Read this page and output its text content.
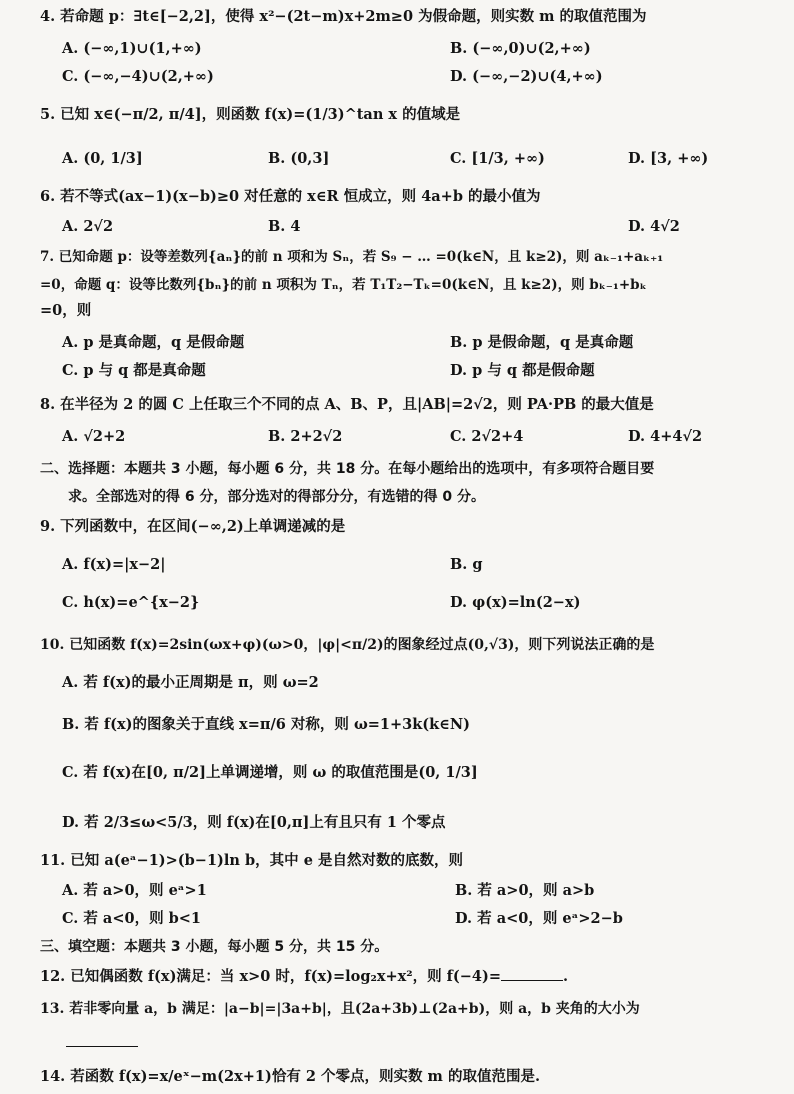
4. 若命题 p：∃t∈[−2,2]，使得 x²−(2t−m)x+2m≥0 为假命题，则实数 m 的取值范围为
A. (−∞,1)∪(1,+∞)	B. (−∞,0)∪(2,+∞)
C. (−∞,−4)∪(2,+∞)	D. (−∞,−2)∪(4,+∞)
5. 已知 x∈(−π/2, π/4]，则函数 f(x)=(1/3)^tan x 的值域是
A. (0, 1/3]	B. (0,3]	C. [1/3, +∞)	D. [3, +∞)
6. 若不等式(ax−1)(x−b)≥0 对任意的 x∈R 恒成立，则 4a+b 的最小值为
A. 2√2	B. 4	D. 4√2
7. 已知命题 p：设等差数列{aₙ}的前 n 项和为 Sₙ，若 S₉ − … =0(k∈N，且 k≥2)，则 aₖ₋₁+aₖ₊₁
=0，命题 q：设等比数列{bₙ}的前 n 项积为 Tₙ，若 T₁T₂−Tₖ=0(k∈N，且 k≥2)，则 bₖ₋₁+bₖ
=0，则
A. p 是真命题，q 是假命题	B. p 是假命题，q 是真命题
C. p 与 q 都是真命题	D. p 与 q 都是假命题
8. 在半径为 2 的圆 C 上任取三个不同的点 A、B、P，且|AB|=2√2，则 PA·PB 的最大值是
A. √2+2	B. 2+2√2	C. 2√2+4	D. 4+4√2
二、选择题：本题共 3 小题，每小题 6 分，共 18 分。在每小题给出的选项中，有多项符合题目要
求。全部选对的得 6 分，部分选对的得部分分，有选错的得 0 分。
9. 下列函数中，在区间(−∞,2)上单调递减的是
A. f(x)=|x−2|	B. g
C. h(x)=e^{x−2}	D. φ(x)=ln(2−x)
10. 已知函数 f(x)=2sin(ωx+φ)(ω>0，|φ|<π/2)的图象经过点(0,√3)，则下列说法正确的是
A. 若 f(x)的最小正周期是 π，则 ω=2
B. 若 f(x)的图象关于直线 x=π/6 对称，则 ω=1+3k(k∈N)
C. 若 f(x)在[0, π/2]上单调递增，则 ω 的取值范围是(0, 1/3]
D. 若 2/3≤ω<5/3，则 f(x)在[0,π]上有且只有 1 个零点
11. 已知 a(eᵃ−1)>(b−1)ln b，其中 e 是自然对数的底数，则
A. 若 a>0，则 eᵃ>1	B. 若 a>0，则 a>b
C. 若 a<0，则 b<1	D. 若 a<0，则 eᵃ>2−b
三、填空题：本题共 3 小题，每小题 5 分，共 15 分。
12. 已知偶函数 f(x)满足：当 x>0 时，f(x)=log₂x+x²，则 f(−4)=	.
13. 若非零向量 a，b 满足：|a−b|=|3a+b|，且(2a+3b)⊥(2a+b)，则 a，b 夹角的大小为
14. 若函数 f(x)=x/eˣ−m(2x+1)恰有 2 个零点，则实数 m 的取值范围是.
